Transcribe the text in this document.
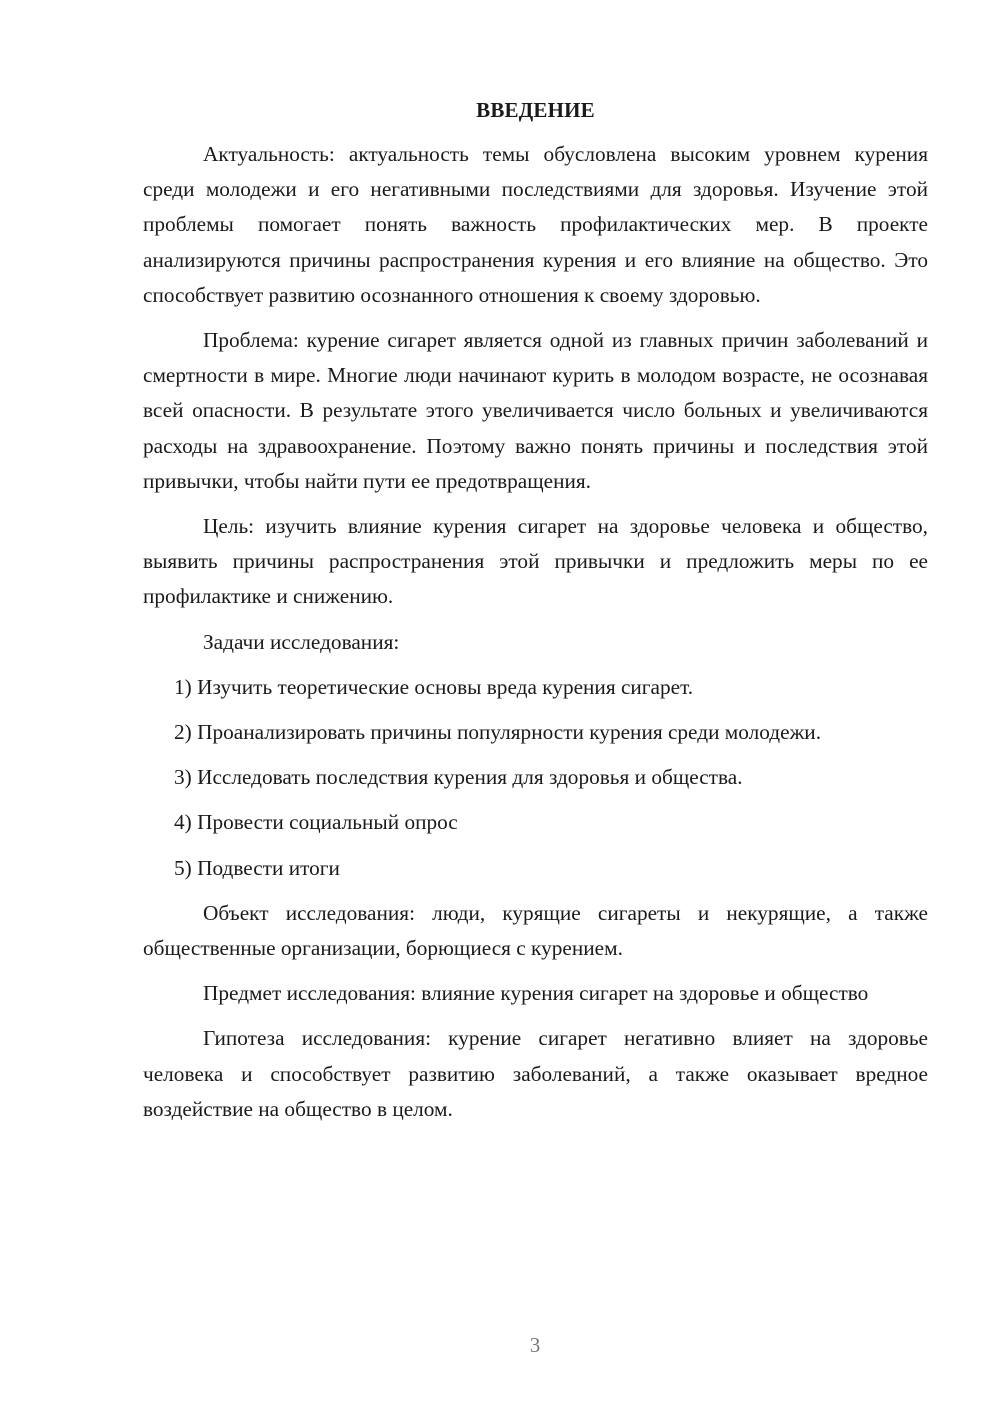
ВВЕДЕНИЕ

Актуальность: актуальность темы обусловлена высоким уровнем курения среди молодежи и его негативными последствиями для здоровья. Изучение этой проблемы помогает понять важность профилактических мер. В проекте анализируются причины распространения курения и его влияние на общество. Это способствует развитию осознанного отношения к своему здоровью.

Проблема: курение сигарет является одной из главных причин заболеваний и смертности в мире. Многие люди начинают курить в молодом возрасте, не осознавая всей опасности. В результате этого увеличивается число больных и увеличиваются расходы на здравоохранение. Поэтому важно понять причины и последствия этой привычки, чтобы найти пути ее предотвращения.

Цель: изучить влияние курения сигарет на здоровье человека и общество, выявить причины распространения этой привычки и предложить меры по ее профилактике и снижению.

Задачи исследования:

1) Изучить теоретические основы вреда курения сигарет.

2) Проанализировать причины популярности курения среди молодежи.

3) Исследовать последствия курения для здоровья и общества.

4) Провести социальный опрос

5) Подвести итоги

Объект исследования: люди, курящие сигареты и некурящие, а также общественные организации, борющиеся с курением.

Предмет исследования: влияние курения сигарет на здоровье и общество

Гипотеза исследования: курение сигарет негативно влияет на здоровье человека и способствует развитию заболеваний, а также оказывает вредное воздействие на общество в целом.

3
